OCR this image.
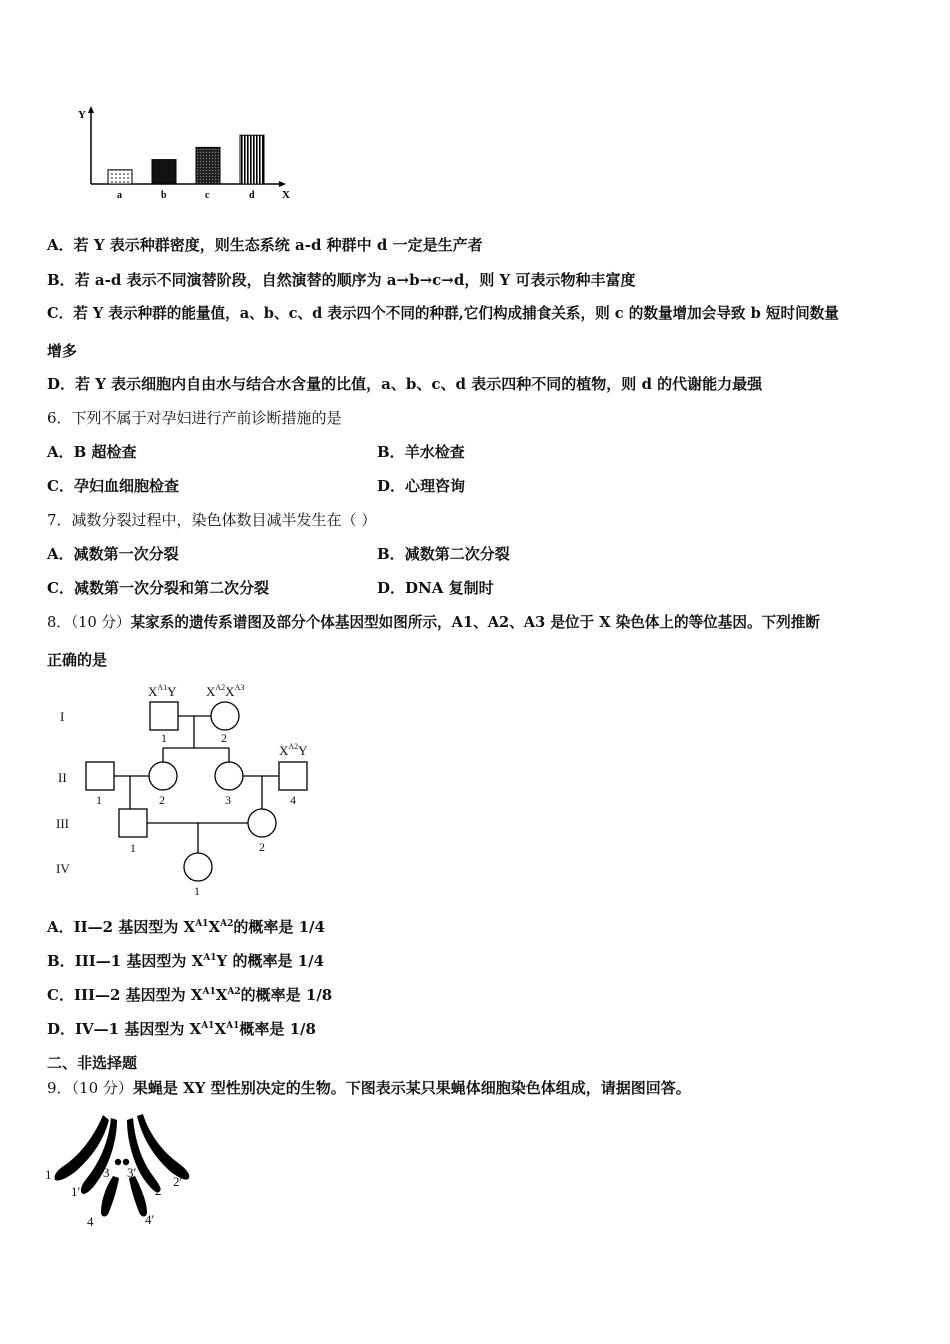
Y
X
a	b	c	d
A．若 Y 表示种群密度，则生态系统 a-d 种群中 d 一定是生产者
B．若 a-d 表示不同演替阶段，自然演替的顺序为 a→b→c→d，则 Y 可表示物种丰富度
C．若 Y 表示种群的能量值，a、b、c、d 表示四个不同的种群,它们构成捕食关系，则 c 的数量增加会导致 b 短时间数量
增多
D．若 Y 表示细胞内自由水与结合水含量的比值，a、b、c、d 表示四种不同的植物，则 d 的代谢能力最强
6．下列不属于对孕妇进行产前诊断措施的是
A．B 超检查	B．羊水检查
C．孕妇血细胞检查	D．心理咨询
7．减数分裂过程中，染色体数目减半发生在（ ）
A．减数第一次分裂	B．减数第二次分裂
C．减数第一次分裂和第二次分裂	D．DNA 复制时
8．（10 分）某家系的遗传系谱图及部分个体基因型如图所示，A1、A2、A3 是位于 X 染色体上的等位基因。下列推断
正确的是
I
II
III
IV
$X^{A1}Y$ $X^{A2}X^{A3}$
$X^{A2}Y$
1	2
1	2	3	4
1	2
1
A．II—2 基因型为 $X^{A1}X^{A2}$的概率是 1/4
B．III—1 基因型为 $X^{A1}Y$ 的概率是 1/4
C．III—2 基因型为 $X^{A1}X^{A2}$的概率是 1/8
D．IV—1 基因型为 $X^{A1}X^{A1}$概率是 1/8
二、非选择题
9．（10 分）果蝇是 XY 型性别决定的生物。下图表示某只果蝇体细胞染色体组成，请据图回答。
1
1′
3 3′
2
2′
4	4′
